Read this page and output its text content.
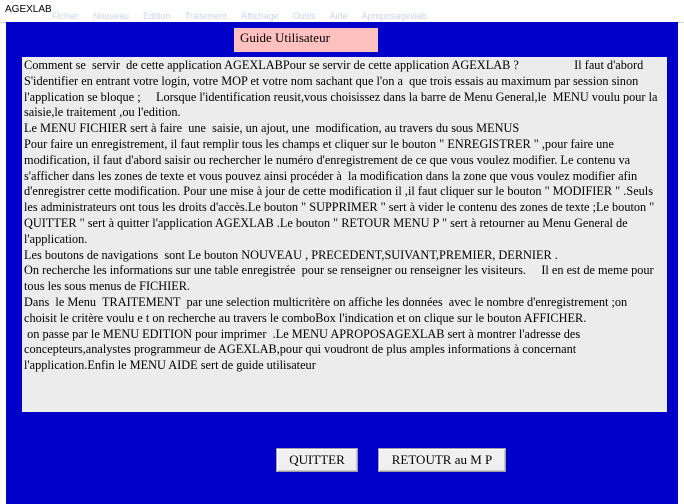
AGEXLAB
Fichier Nouveau Edition Traitement Affichage Outils Aide Aproposagexlab
Guide Utilisateur

Comment se  servir  de cette application AGEXLABPour se servir de cette application AGEXLAB ?                  Il faut d'abord S'identifier en entrant votre login, votre MOP et votre nom sachant que l'on a  que trois essais au maximum par session sinon l'application se bloque ;     Lorsque l'identification reusit,vous choisissez dans la barre de Menu General,le  MENU voulu pour la saisie,le traitement ,ou l'edition.

Le MENU FICHIER sert à faire  une  saisie, un ajout, une  modification, au travers du sous MENUS

Pour faire un enregistrement, il faut remplir tous les champs et cliquer sur le bouton " ENREGISTRER " ,pour faire une modification, il faut d'abord saisir ou rechercher le numéro d'enregistrement de ce que vous voulez modifier. Le contenu va s'afficher dans les zones de texte et vous pouvez ainsi procéder à  la modification dans la zone que vous voulez modifier afin d'enregistrer cette modification. Pour une mise à jour de cette modification il ,il faut cliquer sur le bouton " MODIFIER " .Seuls les administrateurs ont tous les droits d'accès.Le bouton " SUPPRIMER " sert à vider le contenu des zones de texte ;Le bouton " QUITTER " sert à quitter l'application AGEXLAB .Le bouton " RETOUR MENU P " sert à retourner au Menu General de l'application.

Les boutons de navigations  sont Le bouton NOUVEAU , PRECEDENT,SUIVANT,PREMIER, DERNIER .

On recherche les informations sur une table enregistrée  pour se renseigner ou renseigner les visiteurs.     Il en est de meme pour tous les sous menus de FICHIER.

Dans  le Menu  TRAITEMENT  par une selection multicritère on affiche les données  avec le nombre d'enregistrement ;on choisit le critère voulu e t on recherche au travers le comboBox l'indication et on clique sur le bouton AFFICHER.

on passe par le MENU EDITION pour imprimer  .Le MENU APROPOSAGEXLAB sert à montrer l'adresse des concepteurs,analystes programmeur de AGEXLAB,pour qui voudront de plus amples informations à concernant l'application.Enfin le MENU AIDE sert de guide utilisateur

QUITTER	RETOUTR au M P
